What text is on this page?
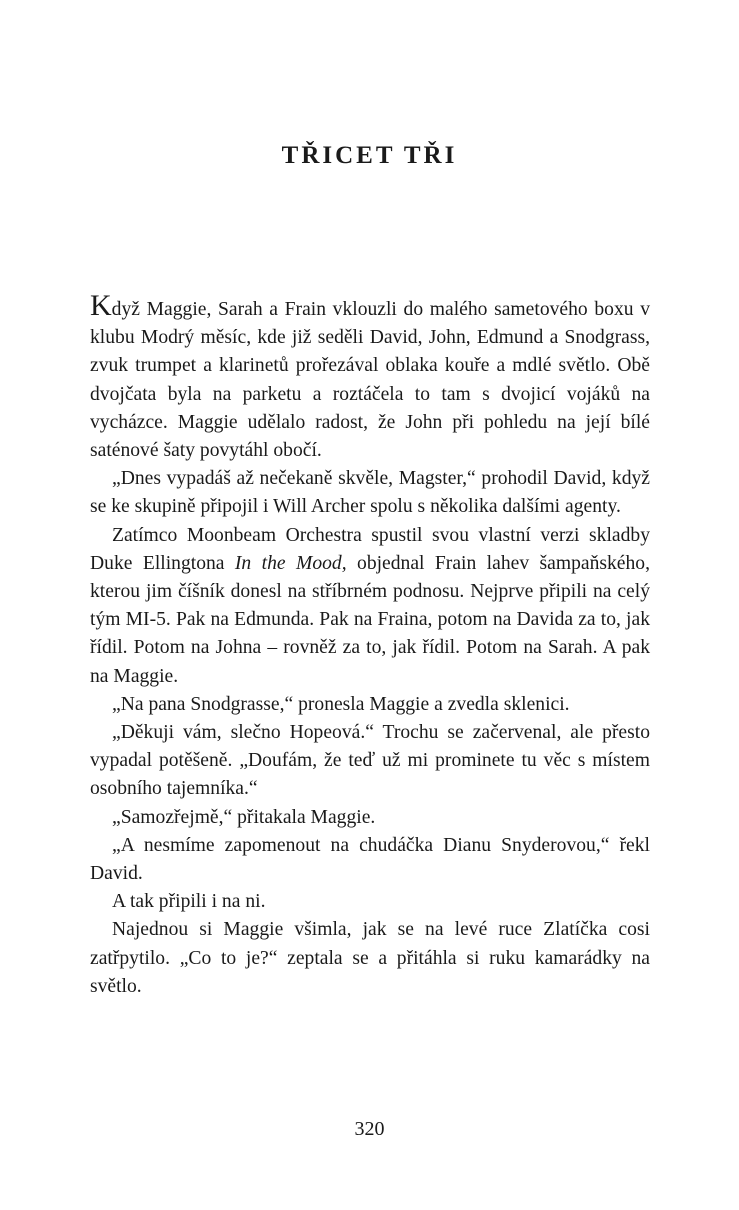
TŘICET TŘI

Když Maggie, Sarah a Frain vklouzli do malého sametového boxu v klubu Modrý měsíc, kde již seděli David, John, Edmund a Snodgrass, zvuk trumpet a klarinetů prořezával oblaka kouře a mdlé světlo. Obě dvojčata byla na parketu a roztáčela to tam s dvojicí vojáků na vycházce. Maggie udělalo radost, že John při pohledu na její bílé saténové šaty povytáhl obočí.

„Dnes vypadáš až nečekaně skvěle, Magster,“ prohodil David, když se ke skupině připojil i Will Archer spolu s několika dalšími agenty.

Zatímco Moonbeam Orchestra spustil svou vlastní verzi skladby Duke Ellingtona In the Mood, objednal Frain lahev šampaňského, kterou jim číšník donesl na stříbrném podnosu. Nejprve připili na celý tým MI-5. Pak na Edmunda. Pak na Fraina, potom na Davida za to, jak řídil. Potom na Johna – rovněž za to, jak řídil. Potom na Sarah. A pak na Maggie.

„Na pana Snodgrasse,“ pronesla Maggie a zvedla sklenici.

„Děkuji vám, slečno Hopeová.“ Trochu se začervenal, ale přesto vypadal potěšeně. „Doufám, že teď už mi prominete tu věc s místem osobního tajemníka.“

„Samozřejmě,“ přitakala Maggie.

„A nesmíme zapomenout na chudáčka Dianu Snyderovou,“ řekl David.

A tak připili i na ni.

Najednou si Maggie všimla, jak se na levé ruce Zlatíčka cosi zatřpytilo. „Co to je?“ zeptala se a přitáhla si ruku kamarádky na světlo.

320
